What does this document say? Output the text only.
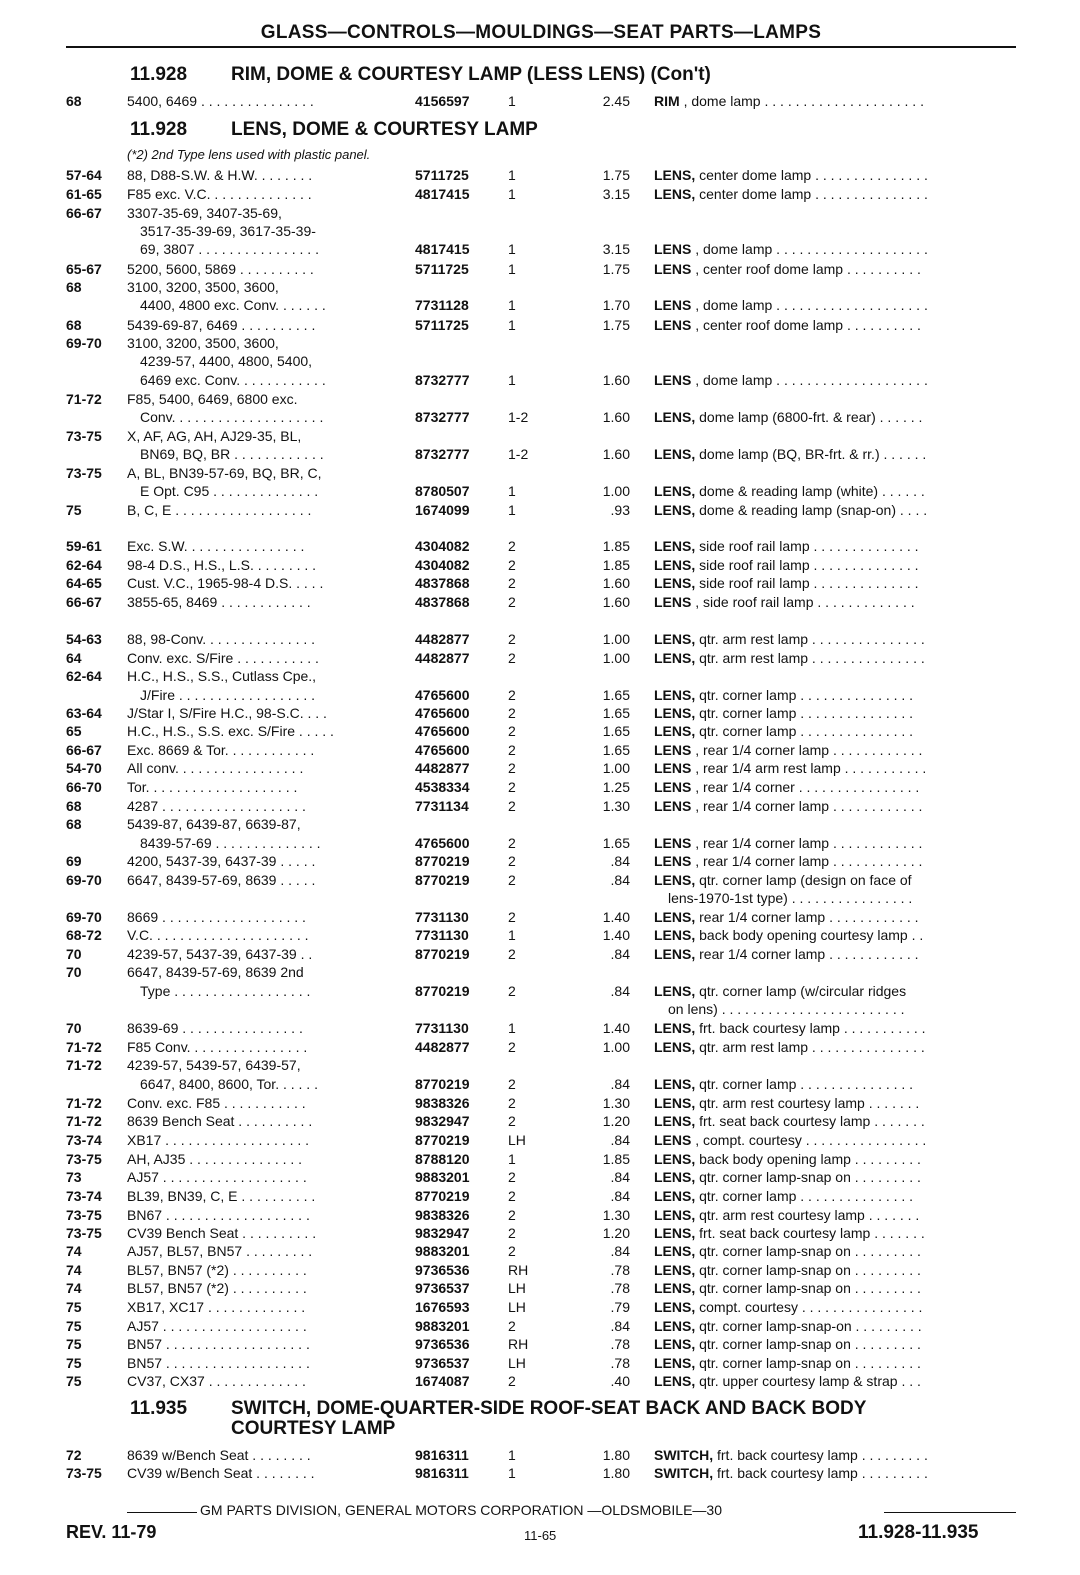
GLASS—CONTROLS—MOULDINGS—SEAT PARTS—LAMPS
11.928 RIM, DOME & COURTESY LAMP (LESS LENS) (Con't)
11.928 LENS, DOME & COURTESY LAMP
(*2) 2nd Type lens used with plastic panel.
11.935 SWITCH, DOME-QUARTER-SIDE ROOF-SEAT BACK AND BACK BODY
COURTESY LAMP
68	5400, 6469 . . . . . . . . . . . . . . .	4156597	1	2.45 RIM , dome lamp . . . . . . . . . . . . . . . . . . . . .
57-64 88, D88-S.W. & H.W. . . . . . . .	5711725	1	1.75 LENS, center dome lamp . . . . . . . . . . . . . . .
61-65 F85 exc. V.C. . . . . . . . . . . . . .	4817415	1	3.15 LENS, center dome lamp . . . . . . . . . . . . . . .
66-67 3307-35-69, 3407-35-69,
3517-35-39-69, 3617-35-39-
69, 3807 . . . . . . . . . . . . . . . .	4817415	1	3.15 LENS , dome lamp . . . . . . . . . . . . . . . . . . . .
65-67 5200, 5600, 5869 . . . . . . . . . .	5711725	1	1.75 LENS , center roof dome lamp . . . . . . . . . .
68	3100, 3200, 3500, 3600,
4400, 4800 exc. Conv. . . . . . .	7731128	1	1.70 LENS , dome lamp . . . . . . . . . . . . . . . . . . . .
68	5439-69-87, 6469 . . . . . . . . . .	5711725	1	1.75 LENS , center roof dome lamp . . . . . . . . . .
69-70 3100, 3200, 3500, 3600,
4239-57, 4400, 4800, 5400,
6469 exc. Conv. . . . . . . . . . . .	8732777	1	1.60 LENS , dome lamp . . . . . . . . . . . . . . . . . . . .
71-72 F85, 5400, 6469, 6800 exc.
Conv. . . . . . . . . . . . . . . . . . . .	8732777	1-2	1.60 LENS, dome lamp (6800-frt. & rear) . . . . . .
73-75 X, AF, AG, AH, AJ29-35, BL,
BN69, BQ, BR . . . . . . . . . . . .	8732777	1-2	1.60 LENS, dome lamp (BQ, BR-frt. & rr.) . . . . . .
73-75 A, BL, BN39-57-69, BQ, BR, C,
E Opt. C95 . . . . . . . . . . . . . .	8780507	1	1.00 LENS, dome & reading lamp (white) . . . . . .
75	B, C, E . . . . . . . . . . . . . . . . . .	1674099	1	.93 LENS, dome & reading lamp (snap-on) . . . .
59-61 Exc. S.W. . . . . . . . . . . . . . . .	4304082	2	1.85 LENS, side roof rail lamp . . . . . . . . . . . . . .
62-64 98-4 D.S., H.S., L.S. . . . . . . . .	4304082	2	1.85 LENS, side roof rail lamp . . . . . . . . . . . . . .
64-65 Cust. V.C., 1965-98-4 D.S. . . . .	4837868	2	1.60 LENS, side roof rail lamp . . . . . . . . . . . . . .
66-67 3855-65, 8469 . . . . . . . . . . . .	4837868	2	1.60 LENS , side roof rail lamp . . . . . . . . . . . . .
54-63 88, 98-Conv. . . . . . . . . . . . . . .	4482877	2	1.00 LENS, qtr. arm rest lamp . . . . . . . . . . . . . . .
64	Conv. exc. S/Fire . . . . . . . . . . .	4482877	2	1.00 LENS, qtr. arm rest lamp . . . . . . . . . . . . . . .
62-64 H.C., H.S., S.S., Cutlass Cpe.,
J/Fire . . . . . . . . . . . . . . . . . .	4765600	2	1.65 LENS, qtr. corner lamp . . . . . . . . . . . . . . .
63-64 J/Star I, S/Fire H.C., 98-S.C. . . .	4765600	2	1.65 LENS, qtr. corner lamp . . . . . . . . . . . . . . .
65	H.C., H.S., S.S. exc. S/Fire . . . . .	4765600	2	1.65 LENS, qtr. corner lamp . . . . . . . . . . . . . . .
66-67 Exc. 8669 & Tor. . . . . . . . . . . .	4765600	2	1.65 LENS , rear 1/4 corner lamp . . . . . . . . . . . .
54-70 All conv. . . . . . . . . . . . . . . . .	4482877	2	1.00 LENS , rear 1/4 arm rest lamp . . . . . . . . . . .
66-70 Tor. . . . . . . . . . . . . . . . . . . .	4538334	2	1.25 LENS , rear 1/4 corner . . . . . . . . . . . . . . . .
68	4287 . . . . . . . . . . . . . . . . . . .	7731134	2	1.30 LENS , rear 1/4 corner lamp . . . . . . . . . . . .
68	5439-87, 6439-87, 6639-87,
8439-57-69 . . . . . . . . . . . . . .	4765600	2	1.65 LENS , rear 1/4 corner lamp . . . . . . . . . . . .
69	4200, 5437-39, 6437-39 . . . . .	8770219	2	.84 LENS , rear 1/4 corner lamp . . . . . . . . . . . .
69-70 6647, 8439-57-69, 8639 . . . . .	8770219	2	.84 LENS, qtr. corner lamp (design on face of
lens-1970-1st type) . . . . . . . . . . . . . . . .
69-70 8669 . . . . . . . . . . . . . . . . . . .	7731130	2	1.40 LENS, rear 1/4 corner lamp . . . . . . . . . . . .
68-72 V.C. . . . . . . . . . . . . . . . . . . . .	7731130	1	1.40 LENS, back body opening courtesy lamp . .
70	4239-57, 5437-39, 6437-39 . .	8770219	2	.84 LENS, rear 1/4 corner lamp . . . . . . . . . . . .
70	6647, 8439-57-69, 8639 2nd
Type . . . . . . . . . . . . . . . . . .	8770219	2	.84 LENS, qtr. corner lamp (w/circular ridges
on lens) . . . . . . . . . . . . . . . . . . . . . . . .
70	8639-69 . . . . . . . . . . . . . . . .	7731130	1	1.40 LENS, frt. back courtesy lamp . . . . . . . . . . .
71-72 F85 Conv. . . . . . . . . . . . . . . .	4482877	2	1.00 LENS, qtr. arm rest lamp . . . . . . . . . . . . . . .
71-72 4239-57, 5439-57, 6439-57,
6647, 8400, 8600, Tor. . . . . .	8770219	2	.84 LENS, qtr. corner lamp . . . . . . . . . . . . . . .
71-72 Conv. exc. F85 . . . . . . . . . . .	9838326	2	1.30 LENS, qtr. arm rest courtesy lamp . . . . . . .
71-72 8639 Bench Seat . . . . . . . . . .	9832947	2	1.20 LENS, frt. seat back courtesy lamp . . . . . . .
73-74 XB17 . . . . . . . . . . . . . . . . . . .	8770219	LH	.84 LENS , compt. courtesy . . . . . . . . . . . . . . . .
73-75 AH, AJ35 . . . . . . . . . . . . . . .	8788120	1	1.85 LENS, back body opening lamp . . . . . . . . .
73	AJ57 . . . . . . . . . . . . . . . . . . .	9883201	2	.84 LENS, qtr. corner lamp-snap on . . . . . . . . .
73-74 BL39, BN39, C, E . . . . . . . . . .	8770219	2	.84 LENS, qtr. corner lamp . . . . . . . . . . . . . . .
73-75 BN67 . . . . . . . . . . . . . . . . . . .	9838326	2	1.30 LENS, qtr. arm rest courtesy lamp . . . . . . .
73-75 CV39 Bench Seat . . . . . . . . . .	9832947	2	1.20 LENS, frt. seat back courtesy lamp . . . . . . .
74	AJ57, BL57, BN57 . . . . . . . . .	9883201	2	.84 LENS, qtr. corner lamp-snap on . . . . . . . . .
74	BL57, BN57 (*2) . . . . . . . . . .	9736536	RH	.78 LENS, qtr. corner lamp-snap on . . . . . . . . .
74	BL57, BN57 (*2) . . . . . . . . . .	9736537	LH	.78 LENS, qtr. corner lamp-snap on . . . . . . . . .
75	XB17, XC17 . . . . . . . . . . . . .	1676593	LH	.79 LENS, compt. courtesy . . . . . . . . . . . . . . . .
75	AJ57 . . . . . . . . . . . . . . . . . . .	9883201	2	.84 LENS, qtr. corner lamp-snap-on . . . . . . . . .
75	BN57 . . . . . . . . . . . . . . . . . . .	9736536	RH	.78 LENS, qtr. corner lamp-snap on . . . . . . . . .
75	BN57 . . . . . . . . . . . . . . . . . . .	9736537	LH	.78 LENS, qtr. corner lamp-snap on . . . . . . . . .
75	CV37, CX37 . . . . . . . . . . . . .	1674087	2	.40 LENS, qtr. upper courtesy lamp & strap . . .
72	8639 w/Bench Seat . . . . . . . .	9816311	1	1.80 SWITCH, frt. back courtesy lamp . . . . . . . . .
73-75 CV39 w/Bench Seat . . . . . . . .	9816311	1	1.80 SWITCH, frt. back courtesy lamp . . . . . . . . .
GM PARTS DIVISION, GENERAL MOTORS CORPORATION —OLDSMOBILE—30
REV. 11-79	11-65	11.928-11.935
